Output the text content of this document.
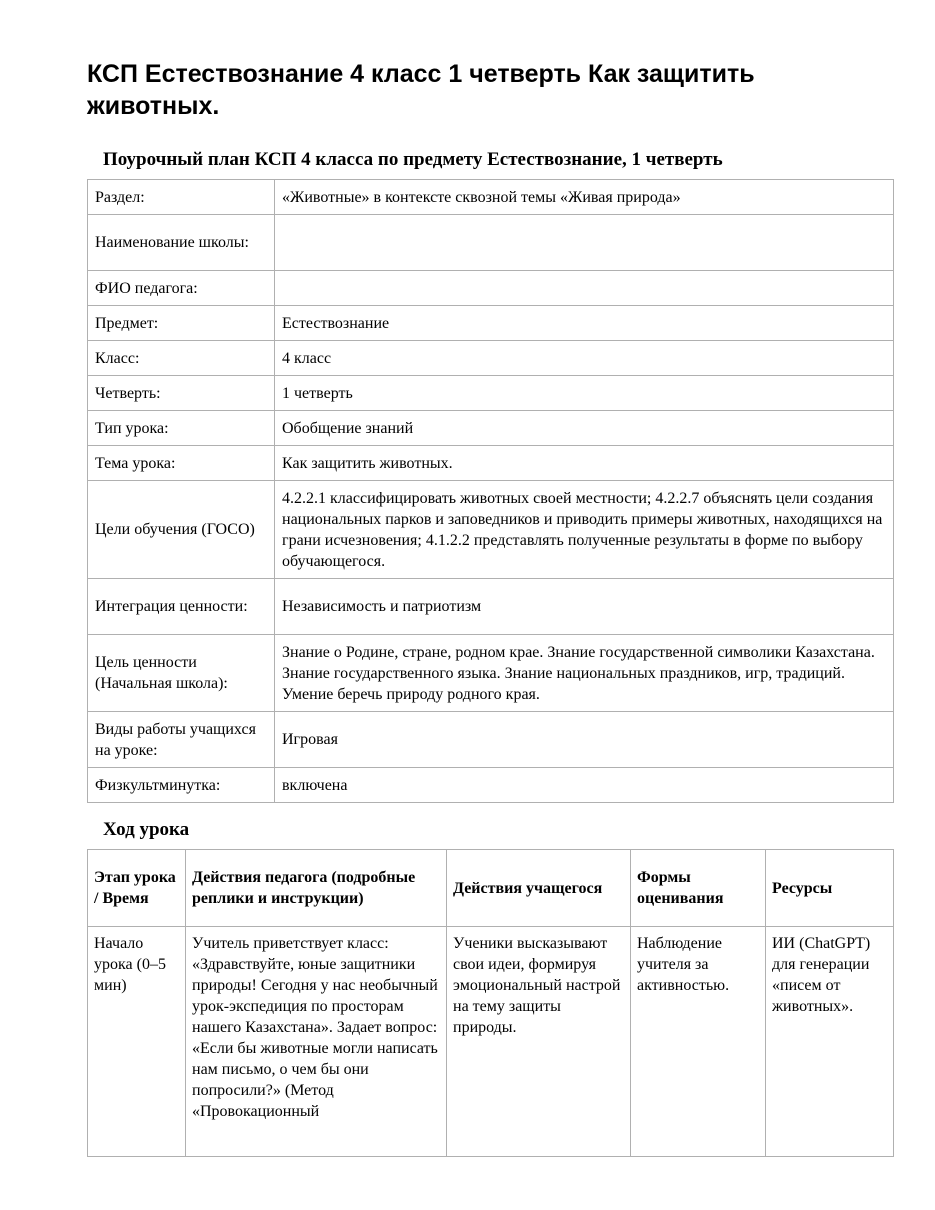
КСП Естествознание 4 класс 1 четверть Как защитить животных.
Поурочный план КСП 4 класса по предмету Естествознание, 1 четверть
Раздел:	«Животные» в контексте сквозной темы «Живая природа»
Наименование школы:	
ФИО педагога:	
Предмет:	Естествознание
Класс:	4 класс
Четверть:	1 четверть
Тип урока:	Обобщение знаний
Тема урока:	Как защитить животных.
Цели обучения (ГОСО)	4.2.2.1 классифицировать животных своей местности; 4.2.2.7 объяснять цели создания национальных парков и заповедников и приводить примеры животных, находящихся на грани исчезновения; 4.1.2.2 представлять полученные результаты в форме по выбору обучающегося.
Интеграция ценности:	Независимость и патриотизм
Цель ценности (Начальная школа):	Знание о Родине, стране, родном крае. Знание государственной символики Казахстана. Знание государственного языка. Знание национальных праздников, игр, традиций. Умение беречь природу родного края.
Виды работы учащихся на уроке:	Игровая
Физкультминутка:	включена
Ход урока
Этап урока / Время	Действия педагога (подробные реплики и инструкции)	Действия учащегося	Формы оценивания	Ресурсы

Начало урока (0–5 мин)	Учитель приветствует класс: «Здравствуйте, юные защитники природы! Сегодня у нас необычный урок-экспедиция по просторам нашего Казахстана». Задает вопрос: «Если бы животные могли написать нам письмо, о чем бы они попросили?» (Метод «Провокационный	Ученики высказывают свои идеи, формируя эмоциональный настрой на тему защиты природы.	Наблюдение учителя за активностью.	ИИ (ChatGPT) для генерации «писем от животных».
